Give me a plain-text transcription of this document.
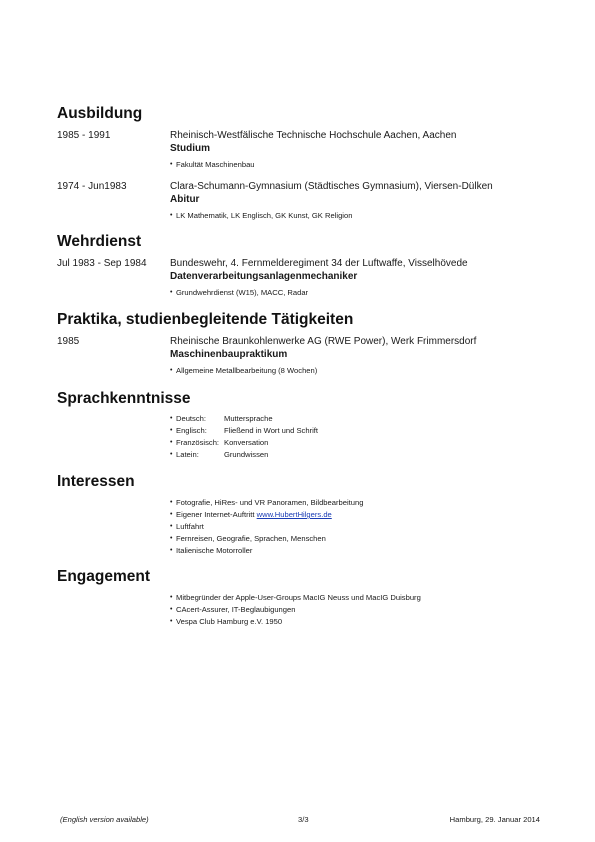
Ausbildung
1985 - 1991	Rheinisch-Westfälische Technische Hochschule Aachen, Aachen
Studium
• Fakultät Maschinenbau
1974 - Jun1983	Clara-Schumann-Gymnasium (Städtisches Gymnasium), Viersen-Dülken
Abitur
• LK Mathematik, LK Englisch, GK Kunst, GK Religion
Wehrdienst
Jul 1983 - Sep 1984 Bundeswehr, 4. Fernmelderegiment 34 der Luftwaffe, Visselhövede
Datenverarbeitungsanlagenmechaniker
• Grundwehrdienst (W15), MACC, Radar
Praktika, studienbegleitende Tätigkeiten
1985	Rheinische Braunkohlenwerke AG (RWE Power), Werk Frimmersdorf
Maschinenbaupraktikum
• Allgemeine Metallbearbeitung (8 Wochen)
Sprachkenntnisse
• Deutsch: Muttersprache
• Englisch: Fließend in Wort und Schrift
• Französisch: Konversation
• Latein:	Grundwissen
Interessen
• Fotografie, HiRes- und VR Panoramen, Bildbearbeitung
• Eigener Internet-Auftritt www.HubertHilgers.de
• Luftfahrt
• Fernreisen, Geografie, Sprachen, Menschen
• Italienische Motorroller
Engagement
• Mitbegründer der Apple-User-Groups MacIG Neuss und MacIG Duisburg
• CAcert-Assurer, IT-Beglaubigungen
• Vespa Club Hamburg e.V. 1950
(English version available)	3/3	Hamburg, 29. Januar 2014
